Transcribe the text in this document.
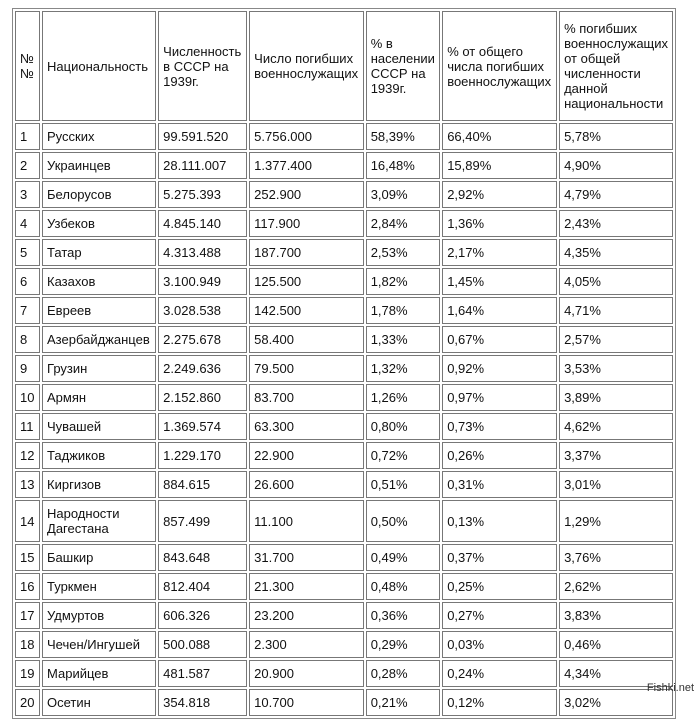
№ №	Национальность	Численность в СССР на 1939г.	Число погибших военнослужащих	% в населении СССР на 1939г.	% от общего числа погибших военнослужащих	% погибших военнослужащих от общей численности данной национальности
1	Русских	99.591.520	5.756.000	58,39%	66,40%	5,78%
2	Украинцев	28.111.007	1.377.400	16,48%	15,89%	4,90%
3	Белорусов	5.275.393	252.900	3,09%	2,92%	4,79%
4	Узбеков	4.845.140	117.900	2,84%	1,36%	2,43%
5	Татар	4.313.488	187.700	2,53%	2,17%	4,35%
6	Казахов	3.100.949	125.500	1,82%	1,45%	4,05%
7	Евреев	3.028.538	142.500	1,78%	1,64%	4,71%
8	Азербайджанцев	2.275.678	58.400	1,33%	0,67%	2,57%
9	Грузин	2.249.636	79.500	1,32%	0,92%	3,53%
10	Армян	2.152.860	83.700	1,26%	0,97%	3,89%
11	Чувашей	1.369.574	63.300	0,80%	0,73%	4,62%
12	Таджиков	1.229.170	22.900	0,72%	0,26%	3,37%
13	Киргизов	884.615	26.600	0,51%	0,31%	3,01%
14	Народности Дагестана	857.499	11.100	0,50%	0,13%	1,29%
15	Башкир	843.648	31.700	0,49%	0,37%	3,76%
16	Туркмен	812.404	21.300	0,48%	0,25%	2,62%
17	Удмуртов	606.326	23.200	0,36%	0,27%	3,83%
18	Чечен/Ингушей	500.088	2.300	0,29%	0,03%	0,46%
19	Марийцев	481.587	20.900	0,28%	0,24%	4,34%
20	Осетин	354.818	10.700	0,21%	0,12%	3,02%
Fishki.net
